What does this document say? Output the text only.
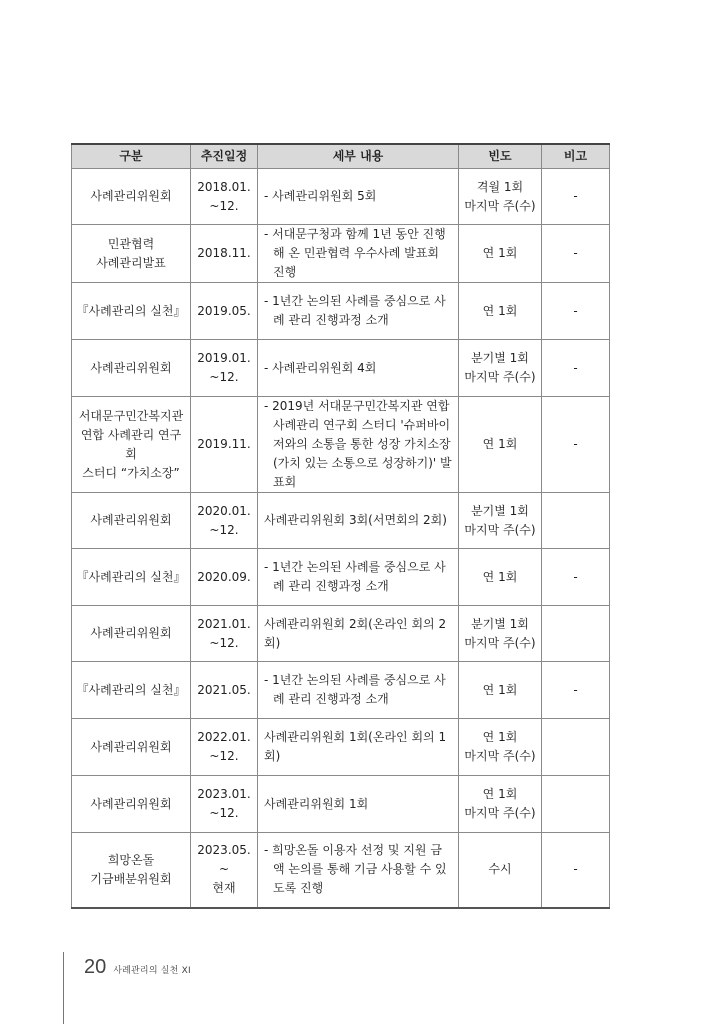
구분	추진일정	세부 내용	빈도	비고

사례관리위원회	2018.01.
~12.	- 사례관리위원회 5회	격월 1회
마지막 주(수)	-

민관협력
사례관리발표	2018.11.	- 서대문구청과 함께 1년 동안 진행해 온 민관협력 우수사례 발표회 진행	연 1회	-

『사례관리의 실천』	2019.05.	- 1년간 논의된 사례를 중심으로 사례 관리 진행과정 소개	연 1회	-

사례관리위원회	2019.01.
~12.	- 사례관리위원회 4회	분기별 1회
마지막 주(수)	-

서대문구민간복지관
연합 사례관리 연구회
스터디 “가치소장”	2019.11.	- 2019년 서대문구민간복지관 연합 사례관리 연구회 스터디 '슈퍼바이저와의 소통을 통한 성장 가치소장(가치 있는 소통으로 성장하기)' 발표회	연 1회	-

사례관리위원회	2020.01.
~12.	사례관리위원회 3회(서면회의 2회)	분기별 1회
마지막 주(수)	

『사례관리의 실천』	2020.09.	- 1년간 논의된 사례를 중심으로 사례 관리 진행과정 소개	연 1회	-

사례관리위원회	2021.01.
~12.	사례관리위원회 2회(온라인 회의 2회)	분기별 1회
마지막 주(수)	

『사례관리의 실천』	2021.05.	- 1년간 논의된 사례를 중심으로 사례 관리 진행과정 소개	연 1회	-

사례관리위원회	2022.01.
~12.	사례관리위원회 1회(온라인 회의 1회)	연 1회
마지막 주(수)	

사례관리위원회	2023.01.
~12.	사례관리위원회 1회	연 1회
마지막 주(수)	

희망온돌
기금배분위원회	2023.05.
~
현재	- 희망온돌 이용자 선정 및 지원 금액 논의를 통해 기금 사용할 수 있도록 진행	수시	-
20 사례관리의 실천 XI
